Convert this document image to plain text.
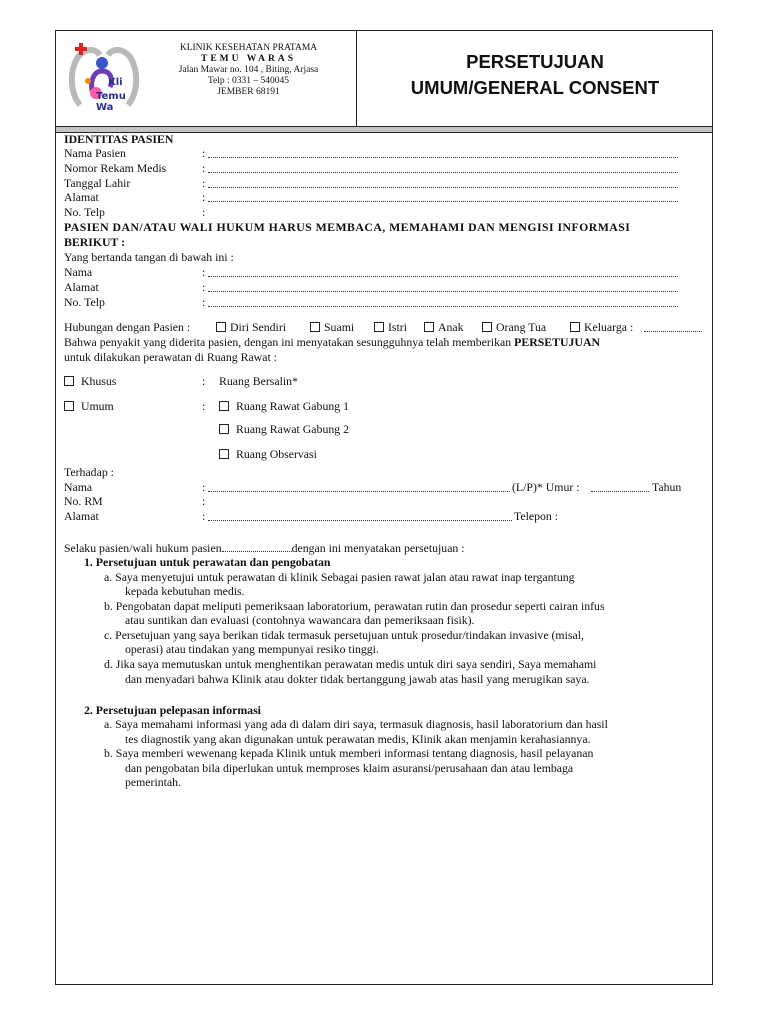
Kli
Temu Wa
KLINIK KESEHATAN PRATAMA
TEMU WARAS
Jalan Mawar no. 104 , Biting, Arjasa
Telp : 0331 – 540045
JEMBER 68191
PERSETUJUAN
UMUM/GENERAL CONSENT
IDENTITAS PASIEN
Nama Pasien	:
Nomor Rekam Medis	:
Tanggal Lahir	:
Alamat	:
No. Telp	:
PASIEN DAN/ATAU WALI HUKUM HARUS MEMBACA, MEMAHAMI DAN MENGISI INFORMASI
BERIKUT :
Yang bertanda tangan di bawah ini :
Nama	:
Alamat	:
No. Telp	:
Hubungan dengan Pasien :	Diri Sendiri	Suami	Istri	Anak	Orang Tua	Keluarga :
Bahwa penyakit yang diderita pasien, dengan ini menyatakan sesungguhnya telah memberikan PERSETUJUAN
untuk dilakukan perawatan di Ruang Rawat :
Khusus	: Ruang Bersalin*
Umum	:	Ruang Rawat Gabung 1
Ruang Rawat Gabung 2
Ruang Observasi
Terhadap :
Nama	:	(L/P)* Umur :	Tahun
No. RM	:
Alamat	:	Telepon :
Selaku pasien/wali hukum pasien	dengan ini menyatakan persetujuan :
1. Persetujuan untuk perawatan dan pengobatan
a. Saya menyetujui untuk perawatan di klinik Sebagai pasien rawat jalan atau rawat inap tergantung
kepada kebutuhan medis.
b. Pengobatan dapat meliputi pemeriksaan laboratorium, perawatan rutin dan prosedur seperti cairan infus
atau suntikan dan evaluasi (contohnya wawancara dan pemeriksaan fisik).
c. Persetujuan yang saya berikan tidak termasuk persetujuan untuk prosedur/tindakan invasive (misal,
operasi) atau tindakan yang mempunyai resiko tinggi.
d. Jika saya memutuskan untuk menghentikan perawatan medis untuk diri saya sendiri, Saya memahami
dan menyadari bahwa Klinik atau dokter tidak bertanggung jawab atas hasil yang merugikan saya.
2. Persetujuan pelepasan informasi
a. Saya memahami informasi yang ada di dalam diri saya, termasuk diagnosis, hasil laboratorium dan hasil
tes diagnostik yang akan digunakan untuk perawatan medis, Klinik akan menjamin kerahasiannya.
b. Saya memberi wewenang kepada Klinik untuk memberi informasi tentang diagnosis, hasil pelayanan
dan pengobatan bila diperlukan untuk memproses klaim asuransi/perusahaan dan atau lembaga
pemerintah.
